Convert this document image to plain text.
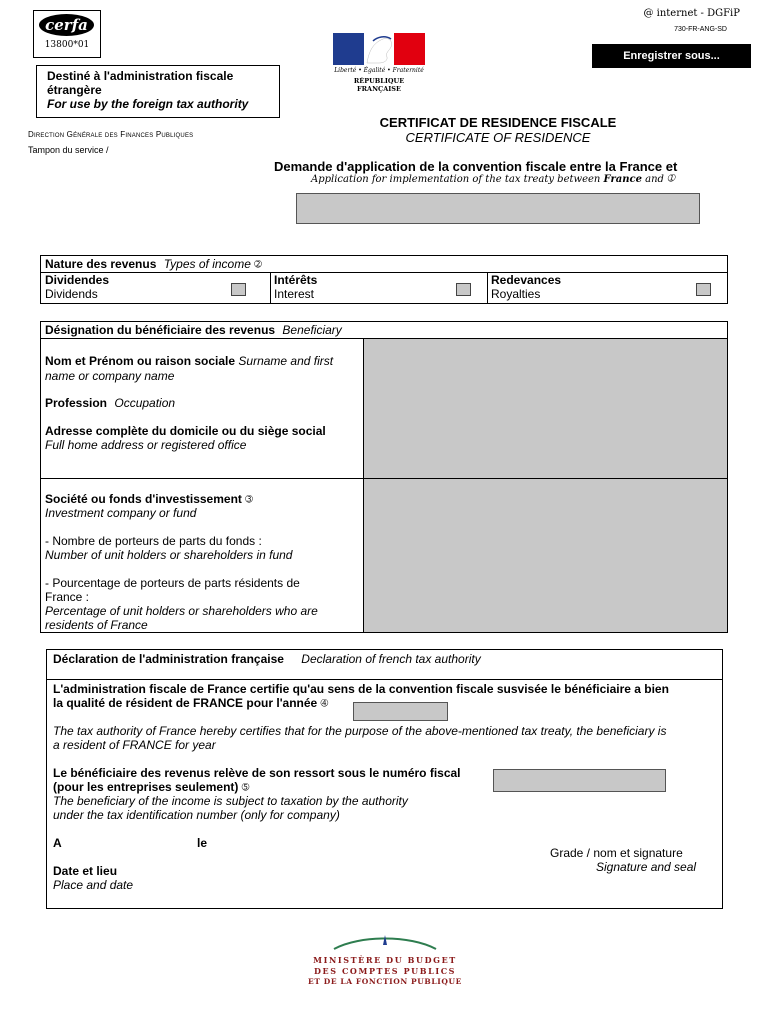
cerfa
13800*01
Liberté • Égalité • Fraternité
RÉPUBLIQUE FRANÇAISE
@ internet - DGFiP
730-FR-ANG-SD
Enregistrer sous...
Destiné à l'administration fiscale
étrangère
For use by the foreign tax authority
Direction Générale des Finances Publiques
Tampon du service /
CERTIFICAT DE RESIDENCE FISCALE
CERTIFICATE OF RESIDENCE
Demande d'application de la convention fiscale entre la France et
Application for implementation of the tax treaty between France and ➀
Nature des revenus Types of income ➁
Dividendes
Dividends
Intérêts
Interest
Redevances
Royalties
Désignation du bénéficiaire des revenus Beneficiary
Nom et Prénom ou raison sociale Surname and first
name or company name
Profession Occupation
Adresse complète du domicile ou du siège social
Full home address or registered office
Société ou fonds d'investissement ➂
Investment company or fund
- Nombre de porteurs de parts du fonds :
Number of unit holders or shareholders in fund
- Pourcentage de porteurs de parts résidents de
France :
Percentage of unit holders or shareholders who are
residents of France
Déclaration de l'administration française Declaration of french tax authority
L'administration fiscale de France certifie qu'au sens de la convention fiscale susvisée le bénéficiaire a bien
la qualité de résident de FRANCE pour l'année ➃
The tax authority of France hereby certifies that for the purpose of the above-mentioned tax treaty, the beneficiary is
a resident of FRANCE for year
Le bénéficiaire des revenus relève de son ressort sous le numéro fiscal
(pour les entreprises seulement) ➄
The beneficiary of the income is subject to taxation by the authority
under the tax identification number (only for company)
A	le
Grade / nom et signature
Signature and seal
Date et lieu
Place and date
MINISTÈRE DU BUDGET
DES COMPTES PUBLICS
ET DE LA FONCTION PUBLIQUE
